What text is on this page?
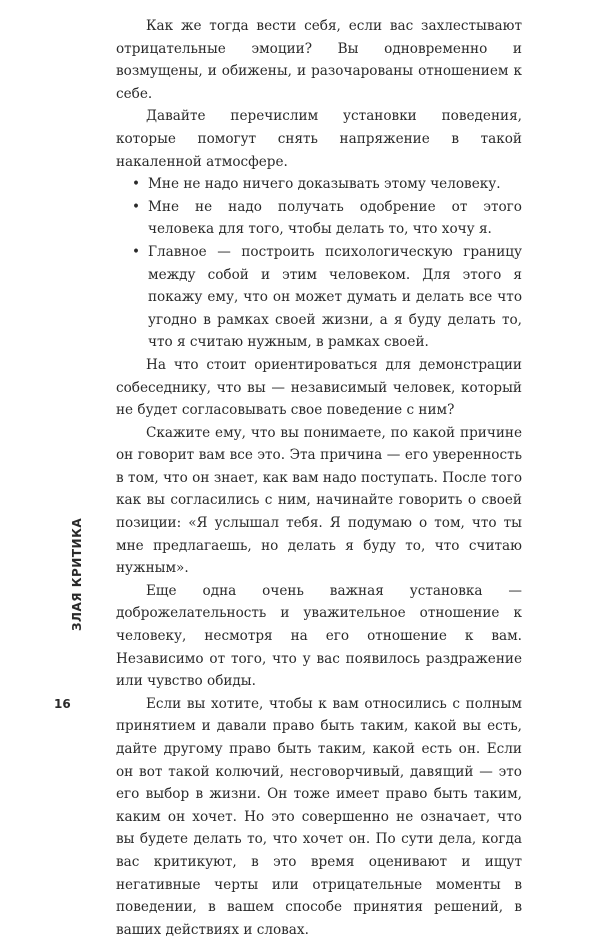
Как же тогда вести себя, если вас захлестывают отрицательные эмоции? Вы одновременно и возмущены, и обижены, и разочарованы отношением к себе.

Давайте перечислим установки поведения, которые помогут снять напряжение в такой накаленной атмосфере.

• Мне не надо ничего доказывать этому человеку.
• Мне не надо получать одобрение от этого человека для того, чтобы делать то, что хочу я.
• Главное — построить психологическую границу между собой и этим человеком. Для этого я покажу ему, что он может думать и делать все что угодно в рамках своей жизни, а я буду делать то, что я считаю нужным, в рамках своей.

На что стоит ориентироваться для демонстрации собеседнику, что вы — независимый человек, который не будет согласовывать свое поведение с ним?

Скажите ему, что вы понимаете, по какой причине он говорит вам все это. Эта причина — его уверенность в том, что он знает, как вам надо поступать. После того как вы согласились с ним, начинайте говорить о своей позиции: «Я услышал тебя. Я подумаю о том, что ты мне предлагаешь, но делать я буду то, что считаю нужным».

Еще одна очень важная установка — доброжелательность и уважительное отношение к человеку, несмотря на его отношение к вам. Независимо от того, что у вас появилось раздражение или чувство обиды.

Если вы хотите, чтобы к вам относились с полным принятием и давали право быть таким, какой вы есть, дайте другому право быть таким, какой есть он. Если он вот такой колючий, несговорчивый, давящий — это его выбор в жизни. Он тоже имеет право быть таким, каким он хочет. Но это совершенно не означает, что вы будете делать то, что хочет он. По сути дела, когда вас критикуют, в это время оценивают и ищут негативные черты или отрицательные моменты в поведении, в вашем способе принятия решений, в ваших действиях и словах.

ЗЛАЯ КРИТИКА
16
